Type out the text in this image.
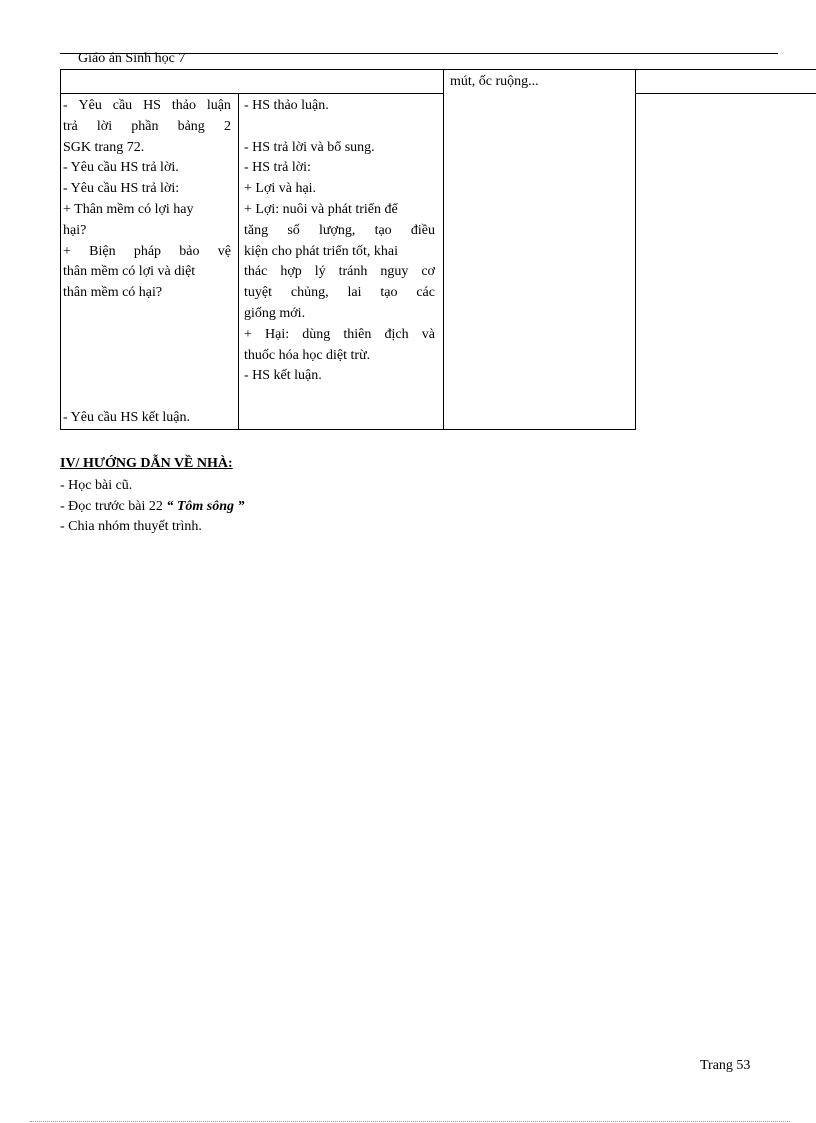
Giáo án Sinh học 7
mút, ốc ruộng...

- Yêu cầu HS thảo luận

trả lời phần bảng 2

SGK trang 72.

- Yêu cầu HS trả lời.

- Yêu cầu HS trả lời:

+ Thân mềm có lợi hay

hại?

+ Biện pháp bảo vệ

thân mềm có lợi và diệt

thân mềm có hại?

- Yêu cầu HS kết luận.

- HS thảo luận.

- HS trả lời và bổ sung.

- HS trả lời:

+ Lợi và hại.

+ Lợi: nuôi và phát triển để

tăng số lượng, tạo điều

kiện cho phát triển tốt, khai

thác hợp lý tránh nguy cơ

tuyệt chủng, lai tạo các

giống mới.

+ Hại: dùng thiên địch và

thuốc hóa học diệt trừ.

- HS kết luận.

IV/ HƯỚNG DẪN VỀ NHÀ:

- Học bài cũ.

- Đọc trước bài 22 “ Tôm sông ”

- Chia nhóm thuyết trình.

Trang 53
